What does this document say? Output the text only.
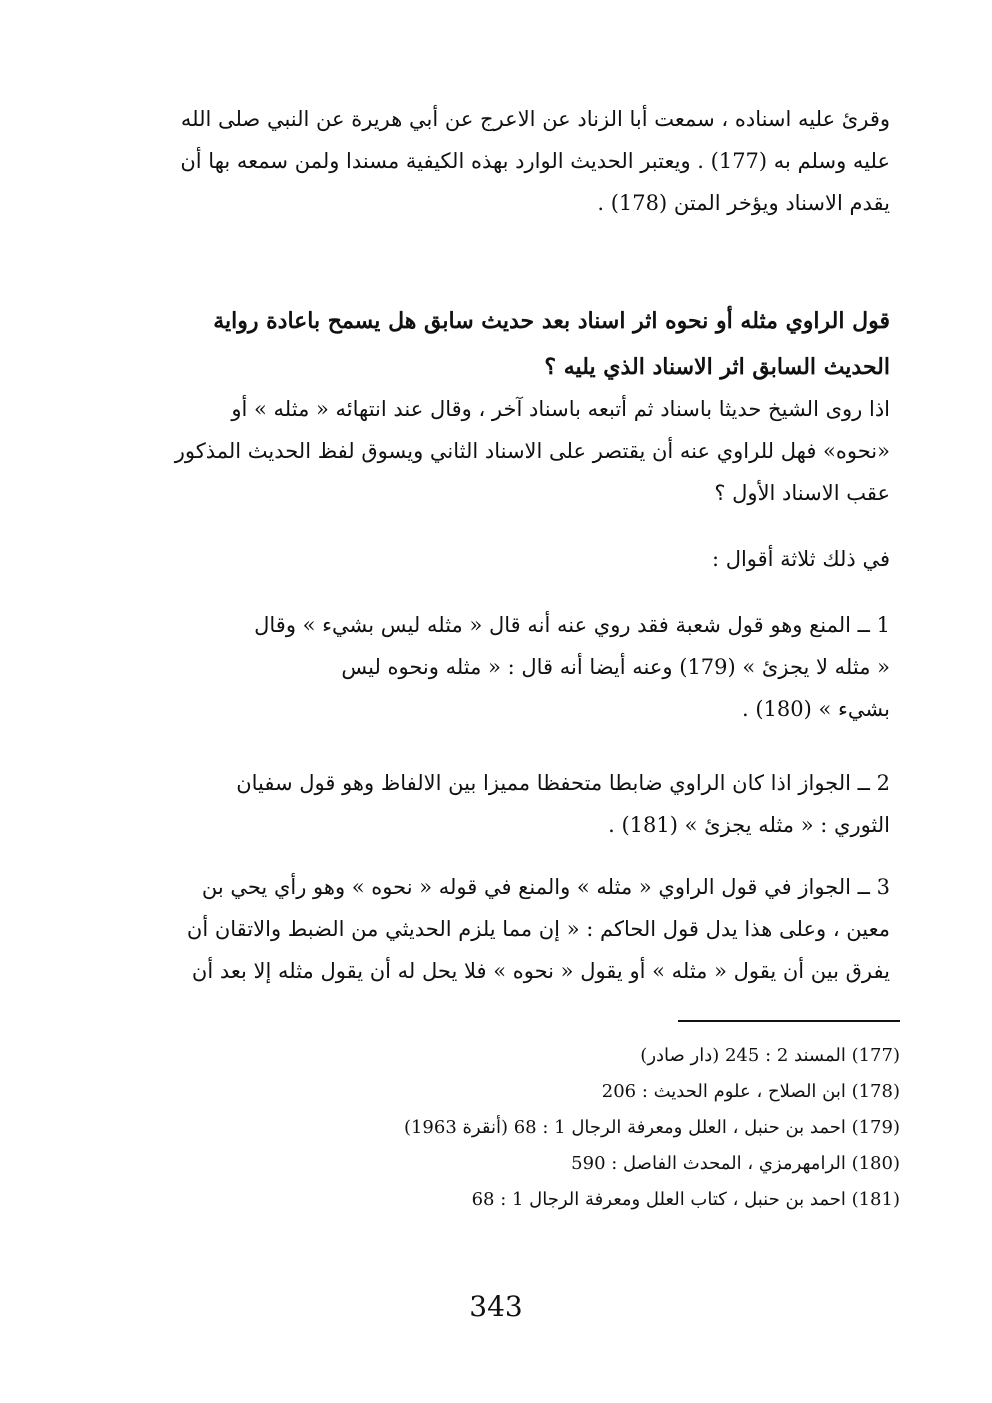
وقرئ عليه اسناده ، سمعت أبا الزناد عن الاعرج عن أبي هريرة عن النبي صلى الله
عليه وسلم به (177) . ويعتبر الحديث الوارد بهذه الكيفية مسندا ولمن سمعه بها أن
يقدم الاسناد ويؤخر المتن (178) .
قول الراوي مثله أو نحوه اثر اسناد بعد حديث سابق هل يسمح باعادة رواية
الحديث السابق اثر الاسناد الذي يليه ؟
اذا روى الشيخ حديثا باسناد ثم أتبعه باسناد آخر ، وقال عند انتهائه « مثله » أو
«نحوه» فهل للراوي عنه أن يقتصر على الاسناد الثاني ويسوق لفظ الحديث المذكور
عقب الاسناد الأول ؟
في ذلك ثلاثة أقوال :
1 ــ المنع وهو قول شعبة فقد روي عنه أنه قال « مثله ليس بشيء » وقال
« مثله لا يجزئ » (179) وعنه أيضا أنه قال : « مثله ونحوه ليس
بشيء » (180) .
2 ــ الجواز اذا كان الراوي ضابطا متحفظا مميزا بين الالفاظ وهو قول سفيان
الثوري : « مثله يجزئ » (181) .
3 ــ الجواز في قول الراوي « مثله » والمنع في قوله « نحوه » وهو رأي يحي بن
معين ، وعلى هذا يدل قول الحاكم : « إن مما يلزم الحديثي من الضبط والاتقان أن
يفرق بين أن يقول « مثله » أو يقول « نحوه » فلا يحل له أن يقول مثله إلا بعد أن
(177) المسند 2 : 245 (دار صادر)
(178) ابن الصلاح ، علوم الحديث : 206
(179) احمد بن حنبل ، العلل ومعرفة الرجال 1 : 68 (أنقرة 1963)
(180) الرامهرمزي ، المحدث الفاصل : 590
(181) احمد بن حنبل ، كتاب العلل ومعرفة الرجال 1 : 68
343
